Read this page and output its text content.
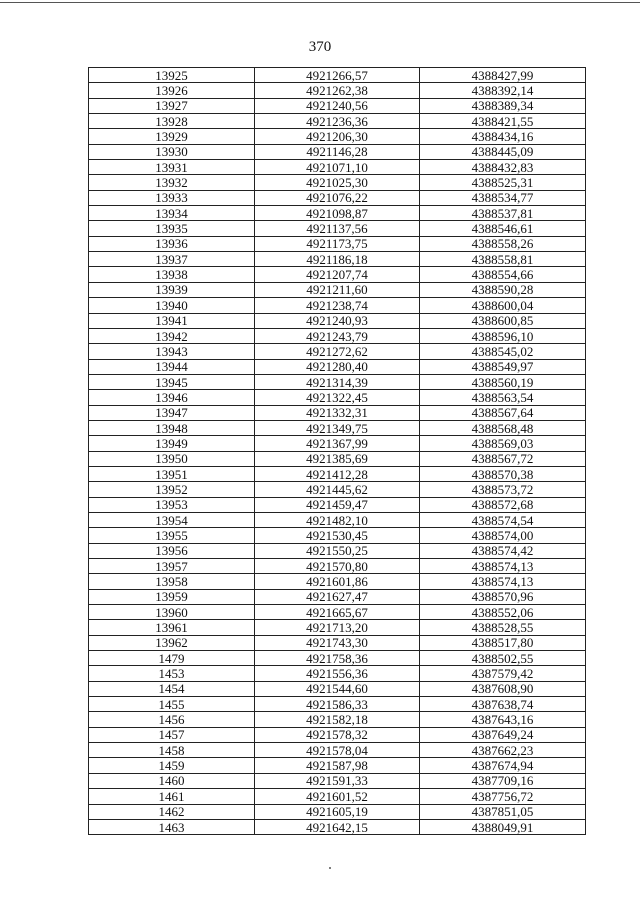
370
13925	4921266,57	4388427,99
13926	4921262,38	4388392,14
13927	4921240,56	4388389,34
13928	4921236,36	4388421,55
13929	4921206,30	4388434,16
13930	4921146,28	4388445,09
13931	4921071,10	4388432,83
13932	4921025,30	4388525,31
13933	4921076,22	4388534,77
13934	4921098,87	4388537,81
13935	4921137,56	4388546,61
13936	4921173,75	4388558,26
13937	4921186,18	4388558,81
13938	4921207,74	4388554,66
13939	4921211,60	4388590,28
13940	4921238,74	4388600,04
13941	4921240,93	4388600,85
13942	4921243,79	4388596,10
13943	4921272,62	4388545,02
13944	4921280,40	4388549,97
13945	4921314,39	4388560,19
13946	4921322,45	4388563,54
13947	4921332,31	4388567,64
13948	4921349,75	4388568,48
13949	4921367,99	4388569,03
13950	4921385,69	4388567,72
13951	4921412,28	4388570,38
13952	4921445,62	4388573,72
13953	4921459,47	4388572,68
13954	4921482,10	4388574,54
13955	4921530,45	4388574,00
13956	4921550,25	4388574,42
13957	4921570,80	4388574,13
13958	4921601,86	4388574,13
13959	4921627,47	4388570,96
13960	4921665,67	4388552,06
13961	4921713,20	4388528,55
13962	4921743,30	4388517,80
1479	4921758,36	4388502,55
1453	4921556,36	4387579,42
1454	4921544,60	4387608,90
1455	4921586,33	4387638,74
1456	4921582,18	4387643,16
1457	4921578,32	4387649,24
1458	4921578,04	4387662,23
1459	4921587,98	4387674,94
1460	4921591,33	4387709,16
1461	4921601,52	4387756,72
1462	4921605,19	4387851,05
1463	4921642,15	4388049,91
